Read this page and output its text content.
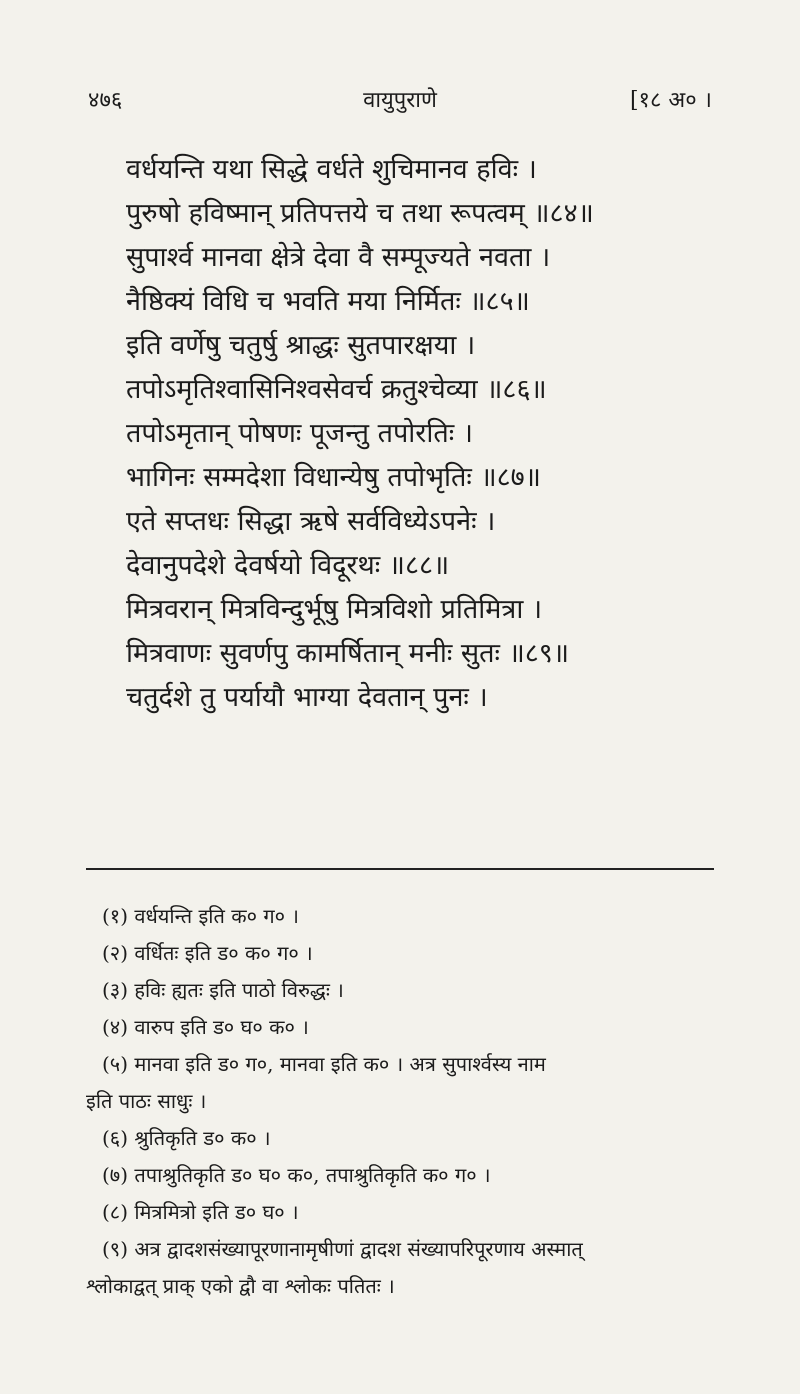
४७६	वायुपुराणे	[१८ अ० ।
वर्धयन्ति यथा सिद्धे वर्धते शुचिमानव हविः ।
पुरुषो हविष्मान् प्रतिपत्तये च तथा रूपत्वम् ॥८४॥
सुपार्श्व मानवा क्षेत्रे देवा वै सम्पूज्यते नवता ।
नैष्ठिक्यं विधि च भवति मया निर्मितः ॥८५॥
इति वर्णेषु चतुर्षु श्राद्धः सुतपारक्षया ।
तपोऽमृतिश्वासिनिश्वसेवर्च क्रतुश्चेव्या ॥८६॥
तपोऽमृतान् पोषणः पूजन्तु तपोरतिः ।
भागिनः सम्मदेशा विधान्येषु तपोभृतिः ॥८७॥
एते सप्तधः सिद्धा ऋषे सर्वविध्येऽपनेः ।
देवानुपदेशे देवर्षयो विदूरथः ॥८८॥
मित्रवरान् मित्रविन्दुर्भूषु मित्रविशो प्रतिमित्रा ।
मित्रवाणः सुवर्णपु कामर्षितान् मनीः सुतः ॥८९॥
चतुर्दशे तु पर्यायौ भाग्या देवतान् पुनः ।
(१) वर्धयन्ति इति क० ग० ।
(२) वर्धितः इति ड० क० ग० ।
(३) हविः ह्यतः इति पाठो विरुद्धः ।
(४) वारुप इति ड० घ० क० ।
(५) मानवा इति ड० ग०, मानवा इति क० । अत्र सुपार्श्वस्य नाम
इति पाठः साधुः ।
(६) श्रुतिकृति ड० क० ।
(७) तपाश्रुतिकृति ड० घ० क०, तपाश्रुतिकृति क० ग० ।
(८) मित्रमित्रो इति ड० घ० ।
(९) अत्र द्वादशसंख्यापूरणानामृषीणां द्वादश संख्यापरिपूरणाय अस्मात्
श्लोकाद्वत् प्राक् एको द्वौ वा श्लोकः पतितः ।
